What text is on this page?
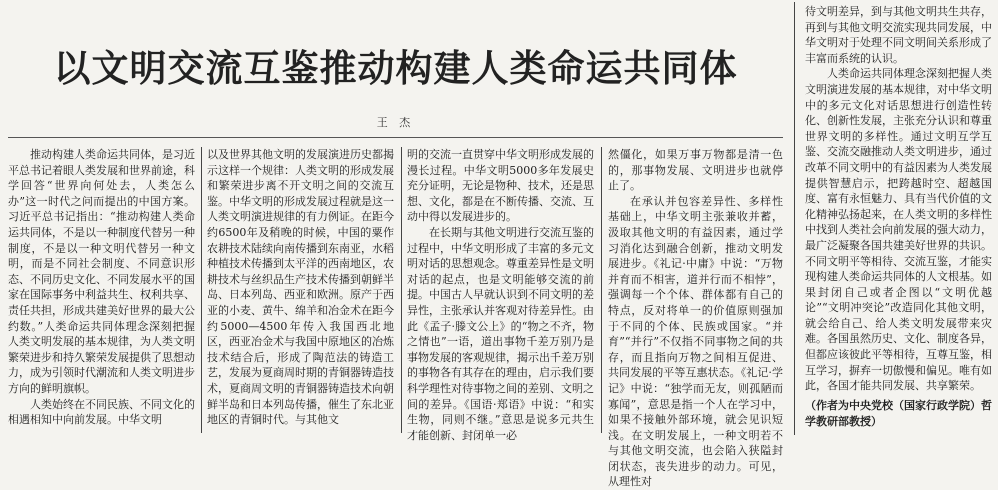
以文明交流互鉴推动构建人类命运共同体
王 杰

推动构建人类命运共同体，是习近平总书记着眼人类发展和世界前途，科学回答“世界向何处去，人类怎么办”这一时代之问而提出的中国方案。习近平总书记指出：“推动构建人类命运共同体，不是以一种制度代替另一种制度，不是以一种文明代替另一种文明，而是不同社会制度、不同意识形态、不同历史文化、不同发展水平的国家在国际事务中利益共生、权利共享、责任共担，形成共建美好世界的最大公约数。”人类命运共同体理念深刻把握人类文明发展的基本规律，为人类文明繁荣进步和持久繁荣发展提供了思想动力，成为引领时代潮流和人类文明进步方向的鲜明旗帜。

人类始终在不同民族、不同文化的相遇相知中向前发展。中华文明

以及世界其他文明的发展演进历史都揭示这样一个规律：人类文明的形成发展和繁荣进步离不开文明之间的交流互鉴。中华文明的形成发展过程就是这一人类文明演进规律的有力例证。在距今约6500年及稍晚的时候，中国的粟作农耕技术陆续向南传播到东南亚，水稻种植技术传播到太平洋的西南地区，农耕技术与丝织品生产技术传播到朝鲜半岛、日本列岛、西亚和欧洲。原产于西亚的小麦、黄牛、绵羊和冶金术在距今约5000—4500年传入我国西北地区，西亚冶金术与我国中原地区的冶炼技术结合后，形成了陶范法的铸造工艺，发展为夏商周时期的青铜器铸造技术，夏商周文明的青铜器铸造技术向朝鲜半岛和日本列岛传播，催生了东北亚地区的青铜时代。与其他文

明的交流一直贯穿中华文明形成发展的漫长过程。中华文明5000多年发展史充分证明，无论是物种、技术，还是思想、文化，都是在不断传播、交流、互动中得以发展进步的。

在长期与其他文明进行交流互鉴的过程中，中华文明形成了丰富的多元文明对话的思想观念。尊重差异性是文明对话的起点，也是文明能够交流的前提。中国古人早就认识到不同文明的差异性，主张承认并客观对待差异性。由此《孟子·滕文公上》的“物之不齐，物之情也”一语，道出事物千差万别乃是事物发展的客观规律，揭示出千差万别的事物各有其存在的理由，启示我们要科学理性对待事物之间的差别、文明之间的差异。《国语·郑语》中说：“和实生物，同则不继。”意思是说多元共生才能创新、封闭单一必

然僵化，如果万事万物都是清一色的，那事物发展、文明进步也就停止了。

在承认并包容差异性、多样性基础上，中华文明主张兼收并蓄，汲取其他文明的有益因素，通过学习消化达到融合创新，推动文明发展进步。《礼记·中庸》中说：“万物并育而不相害，道并行而不相悖”，强调每一个个体、群体都有自己的特点，反对将单一的价值原则强加于不同的个体、民族或国家。“并育”“并行”不仅指不同事物之间的共存，而且指向万物之间相互促进、共同发展的平等互惠状态。《礼记·学记》中说：“独学而无友，则孤陋而寡闻”，意思是指一个人在学习中，如果不接触外部环境，就会见识短浅。在文明发展上，一种文明若不与其他文明交流，也会陷入狭隘封闭状态，丧失进步的动力。可见，从理性对

待文明差异，到与其他文明共生共存，再到与其他文明交流实现共同发展，中华文明对于处理不同文明间关系形成了丰富而系统的认识。

人类命运共同体理念深刻把握人类文明演进发展的基本规律，对中华文明中的多元文化对话思想进行创造性转化、创新性发展，主张充分认识和尊重世界文明的多样性。通过文明互学互鉴、交流交融推动人类文明进步，通过改革不同文明中的有益因素为人类发展提供智慧启示，把跨越时空、超越国度、富有永恒魅力、具有当代价值的文化精神弘扬起来，在人类文明的多样性中找到人类社会向前发展的强大动力，最广泛凝聚各国共建美好世界的共识。不同文明平等相待、交流互鉴，才能实现构建人类命运共同体的人文根基。如果封闭自己或者企图以“文明优越论”“文明冲突论”改造同化其他文明，就会给自己、给人类文明发展带来灾难。各国虽然历史、文化、制度各异，但都应该彼此平等相待，互尊互鉴，相互学习，摒弃一切傲慢和偏见。唯有如此，各国才能共同发展、共享繁荣。

（作者为中央党校（国家行政学院）哲学教研部教授）
